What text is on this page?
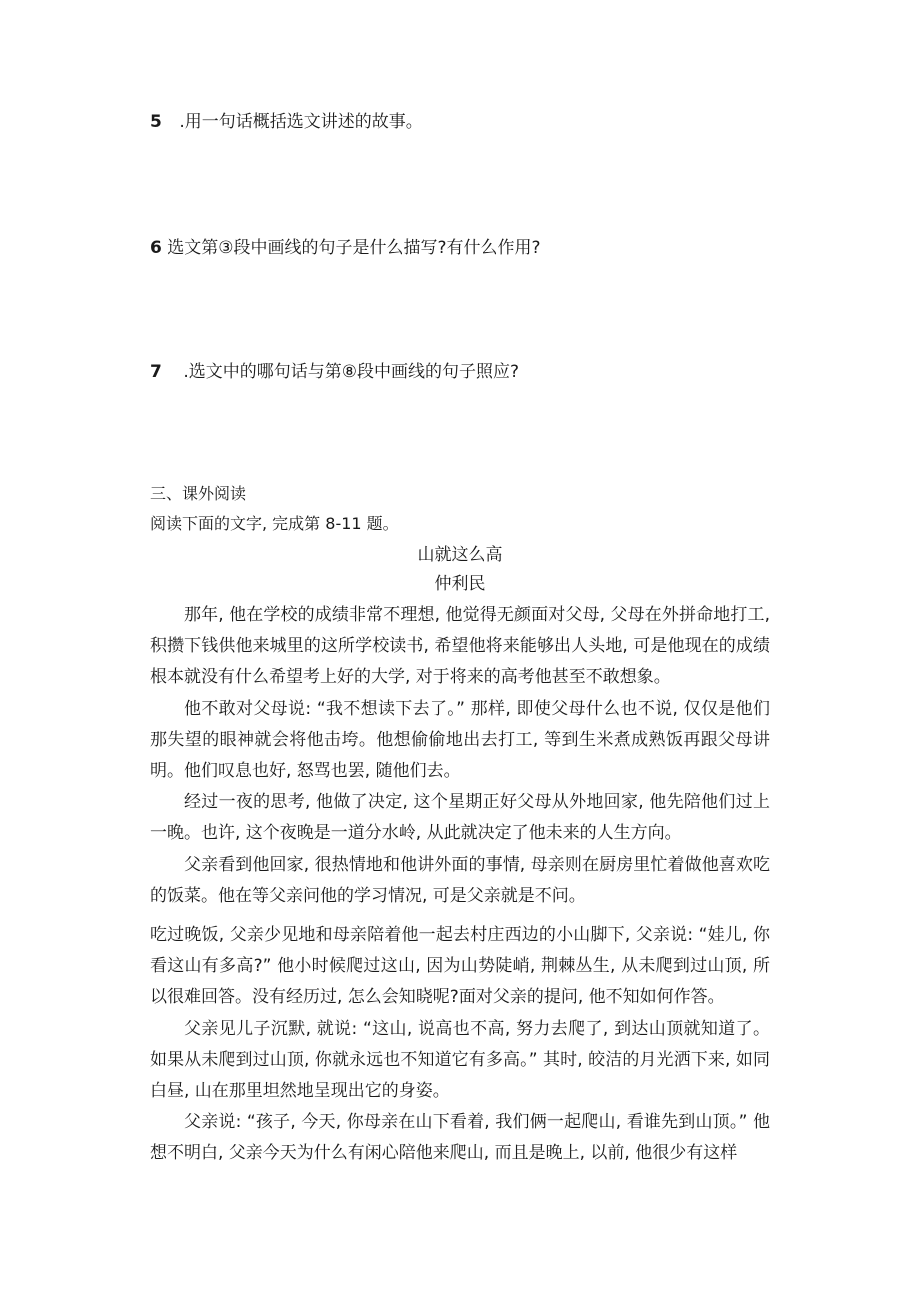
5 .用一句话概括选文讲述的故事。
6 选文第③段中画线的句子是什么描写?有什么作用?
7 .选文中的哪句话与第⑧段中画线的句子照应?
三、课外阅读
阅读下面的文字, 完成第 8-11 题。
山就这么高
仲利民

那年, 他在学校的成绩非常不理想, 他觉得无颜面对父母, 父母在外拼命地打工, 积攒下钱供他来城里的这所学校读书, 希望他将来能够出人头地, 可是他现在的成绩根本就没有什么希望考上好的大学, 对于将来的高考他甚至不敢想象。

他不敢对父母说: “我不想读下去了。” 那样, 即使父母什么也不说, 仅仅是他们那失望的眼神就会将他击垮。他想偷偷地出去打工, 等到生米煮成熟饭再跟父母讲明。他们叹息也好, 怒骂也罢, 随他们去。

经过一夜的思考, 他做了决定, 这个星期正好父母从外地回家, 他先陪他们过上一晚。也许, 这个夜晚是一道分水岭, 从此就决定了他未来的人生方向。

父亲看到他回家, 很热情地和他讲外面的事情, 母亲则在厨房里忙着做他喜欢吃的饭菜。他在等父亲问他的学习情况, 可是父亲就是不问。

吃过晚饭, 父亲少见地和母亲陪着他一起去村庄西边的小山脚下, 父亲说: “娃儿, 你看这山有多高?” 他小时候爬过这山, 因为山势陡峭, 荆棘丛生, 从未爬到过山顶, 所以很难回答。没有经历过, 怎么会知晓呢?面对父亲的提问, 他不知如何作答。

父亲见儿子沉默, 就说: “这山, 说高也不高, 努力去爬了, 到达山顶就知道了。如果从未爬到过山顶, 你就永远也不知道它有多高。” 其时, 皎洁的月光洒下来, 如同白昼, 山在那里坦然地呈现出它的身姿。

父亲说: “孩子, 今天, 你母亲在山下看着, 我们俩一起爬山, 看谁先到山顶。” 他想不明白, 父亲今天为什么有闲心陪他来爬山, 而且是晚上, 以前, 他很少有这样
